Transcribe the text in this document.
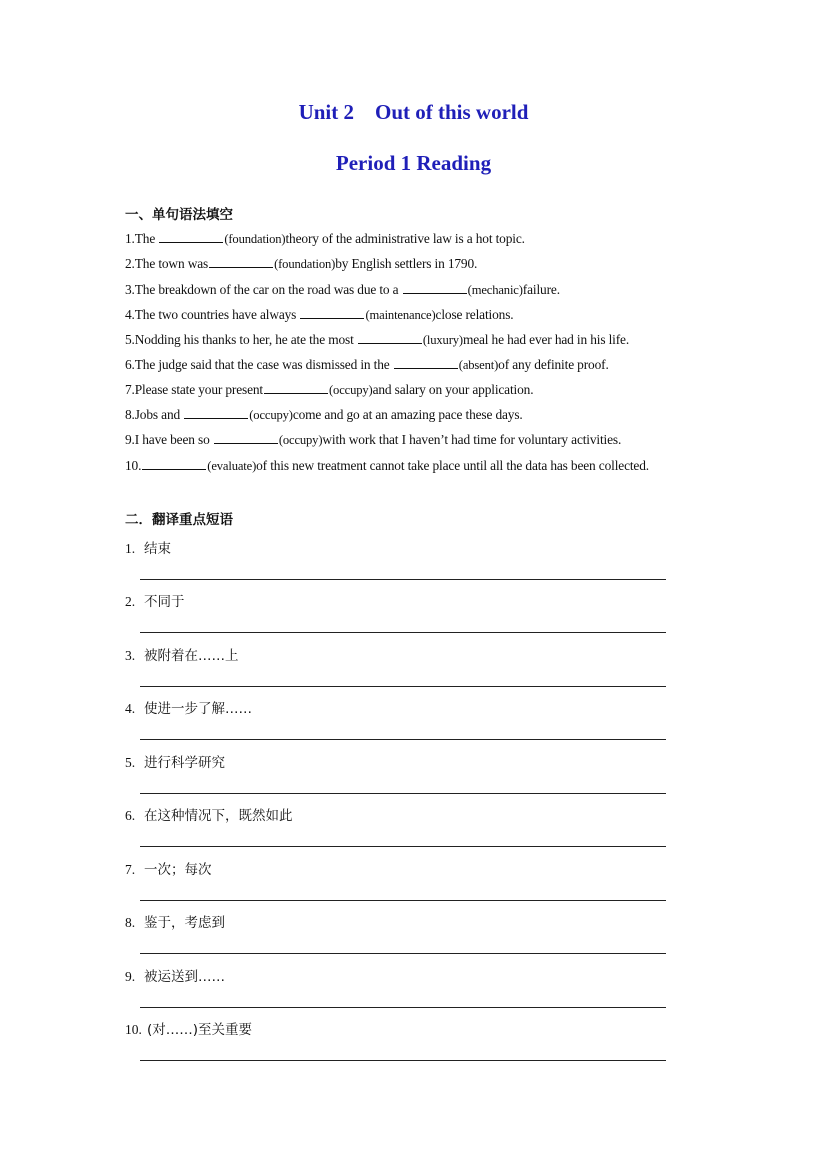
Unit 2    Out of this world
Period 1 Reading
一、单句语法填空
1.The	(foundation)theory of the administrative law is a hot topic.
2.The town was	(foundation)by English settlers in 1790.
3.The breakdown of the car on the road was due to a	(mechanic)failure.
4.The two countries have always	(maintenance)close relations.
5.Nodding his thanks to her, he ate the most	(luxury)meal he had ever had in his life.
6.The judge said that the case was dismissed in the	(absent)of any definite proof.
7.Please state your present	(occupy)and salary on your application.
8.Jobs and	(occupy)come and go at an amazing pace these days.
9.I have been so	(occupy)with work that I haven’t had time for voluntary activities.
10.	(evaluate)of this new treatment cannot take place until all the data has been collected.
二．翻译重点短语
1. 结束
2. 不同于
3. 被附着在……上
4. 使进一步了解……
5. 进行科学研究
6. 在这种情况下，既然如此
7. 一次；每次
8. 鉴于，考虑到
9. 被运送到……
10. (对……)至关重要
